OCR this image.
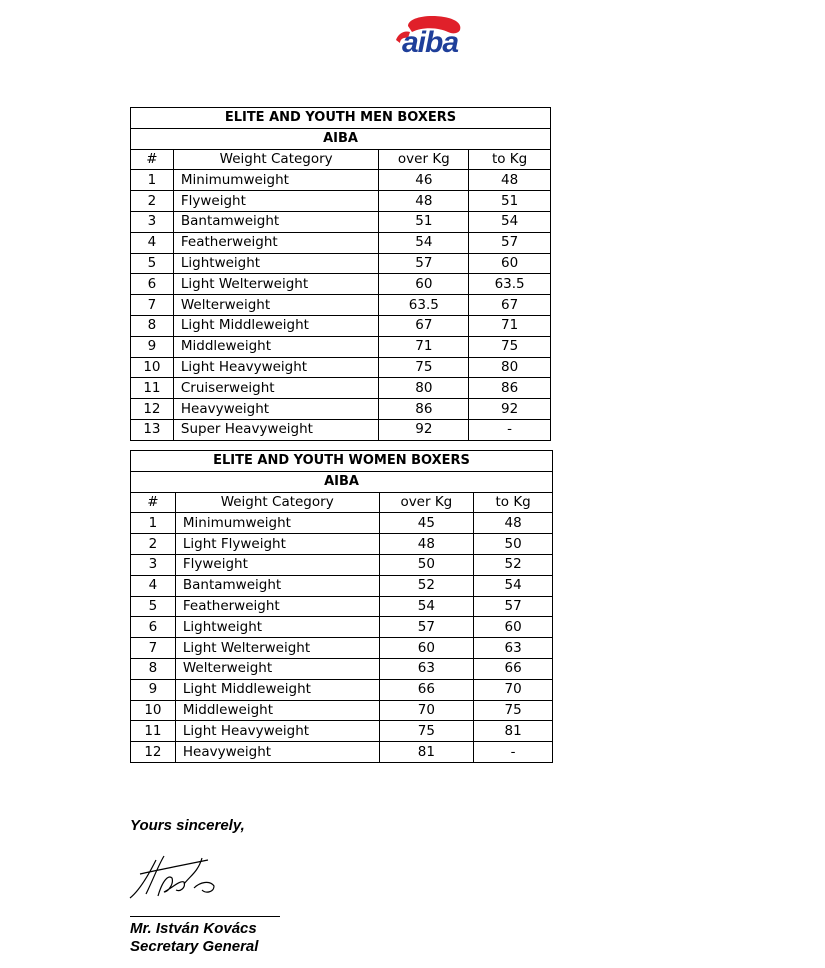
aiba
ELITE AND YOUTH MEN BOXERS			
AIBA			
#	Weight Category	over Kg	to Kg
1	Minimumweight	46	48
2	Flyweight	48	51
3	Bantamweight	51	54
4	Featherweight	54	57
5	Lightweight	57	60
6	Light Welterweight	60	63.5
7	Welterweight	63.5	67
8	Light Middleweight	67	71
9	Middleweight	71	75
10	Light Heavyweight	75	80
11	Cruiserweight	80	86
12	Heavyweight	86	92
13	Super Heavyweight	92	-
ELITE AND YOUTH WOMEN BOXERS			
AIBA			
#	Weight Category	over Kg	to Kg
1	Minimumweight	45	48
2	Light Flyweight	48	50
3	Flyweight	50	52
4	Bantamweight	52	54
5	Featherweight	54	57
6	Lightweight	57	60
7	Light Welterweight	60	63
8	Welterweight	63	66
9	Light Middleweight	66	70
10	Middleweight	70	75
11	Light Heavyweight	75	81
12	Heavyweight	81	-
Yours sincerely,
Mr. István Kovács
Secretary General
